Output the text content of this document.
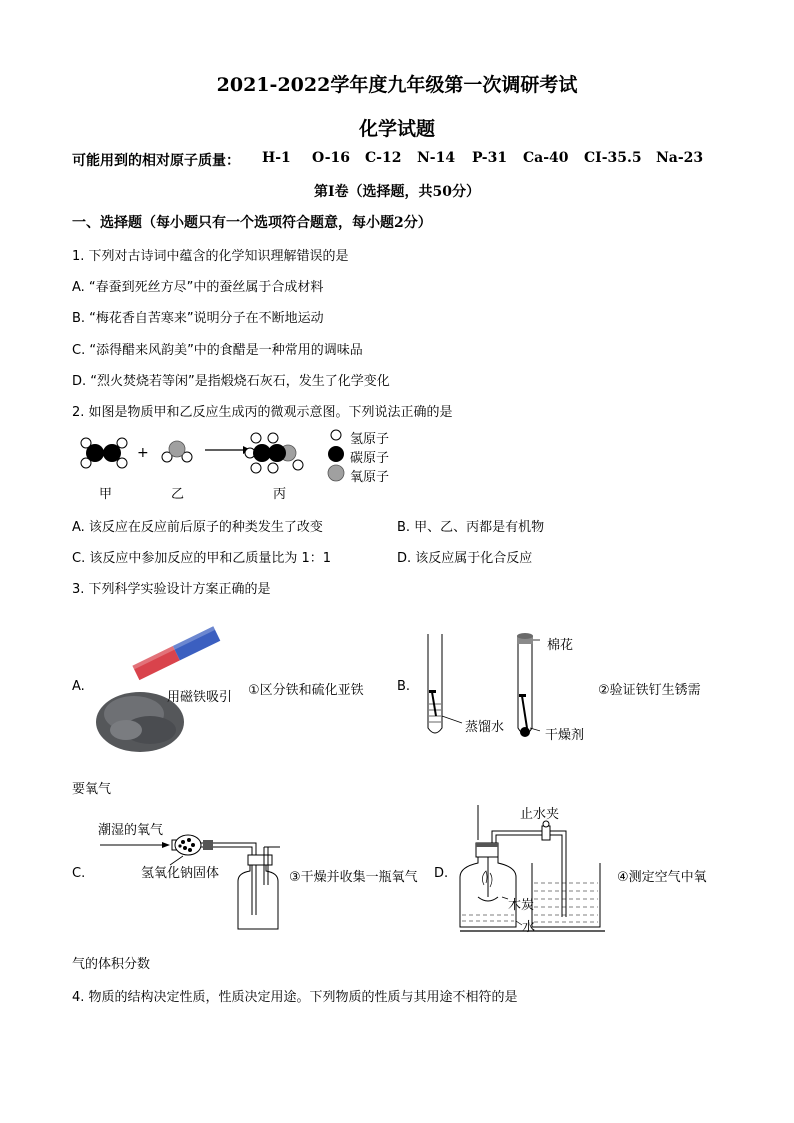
2021-2022学年度九年级第一次调研考试
化学试题
可能用到的相对原子质量： H-1 O-16 C-12 N-14 P-31 Ca-40 CI-35.5 Na-23
第Ⅰ卷（选择题，共50分）
一、选择题（每小题只有一个选项符合题意，每小题2分）
1. 下列对古诗词中蕴含的化学知识理解错误的是
A. “春蚕到死丝方尽”中的蚕丝属于合成材料
B. “梅花香自苦寒来”说明分子在不断地运动
C. “添得醋来风韵美”中的食醋是一种常用的调味品
D. “烈火焚烧若等闲”是指煅烧石灰石，发生了化学变化
2. 如图是物质甲和乙反应生成丙的微观示意图。下列说法正确的是
+
氢原子
碳原子
氧原子
甲	乙	丙
A. 该反应在反应前后原子的种类发生了改变	B. 甲、乙、丙都是有机物
C. 该反应中参加反应的甲和乙质量比为 1：1	D. 该反应属于化合反应
3. 下列科学实验设计方案正确的是
A.
用磁铁吸引 ①区分铁和硫化亚铁	B.
棉花
蒸馏水
干燥剂
②验证铁钉生锈需
要氧气
C.
潮湿的氧气
氢氧化钠固体	③干燥并收集一瓶氧气 D.
止水夹
木炭
水
④测定空气中氧
气的体积分数
4. 物质的结构决定性质，性质决定用途。下列物质的性质与其用途不相符的是
